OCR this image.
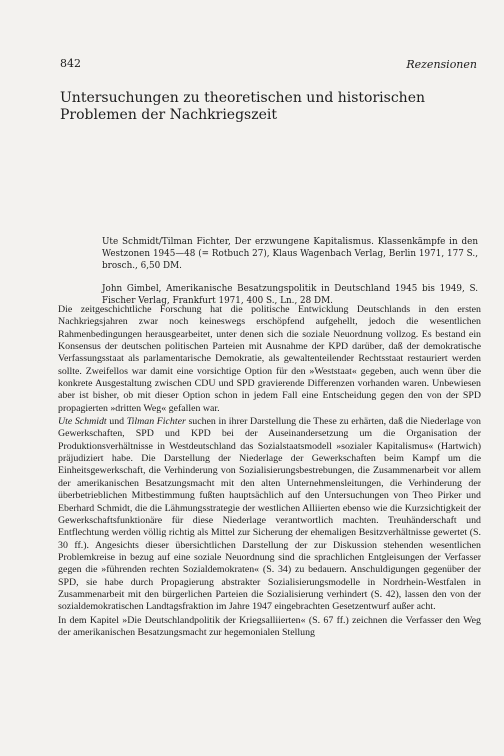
842	Rezensionen
Untersuchungen zu theoretischen und historischen Problemen der Nachkriegszeit
Ute Schmidt/Tilman Fichter, Der erzwungene Kapitalismus. Klassenkämpfe in den Westzonen 1945—48 (= Rotbuch 27), Klaus Wagenbach Verlag, Berlin 1971, 177 S., brosch., 6,50 DM.
John Gimbel, Amerikanische Besatzungspolitik in Deutschland 1945 bis 1949, S. Fischer Verlag, Frankfurt 1971, 400 S., Ln., 28 DM.

Die zeitgeschichtliche Forschung hat die politische Entwicklung Deutschlands in den ersten Nachkriegsjahren zwar noch keineswegs erschöpfend aufgehellt, jedoch die wesentlichen Rahmenbedingungen herausgearbeitet, unter denen sich die soziale Neuordnung vollzog. Es bestand ein Konsensus der deutschen politischen Parteien mit Ausnahme der KPD darüber, daß der demokratische Verfassungsstaat als parlamentarische Demokratie, als gewaltenteilender Rechtsstaat restauriert werden sollte. Zweifellos war damit eine vorsichtige Option für den »Weststaat« gegeben, auch wenn über die konkrete Ausgestaltung zwischen CDU und SPD gravierende Differenzen vorhanden waren. Unbewiesen aber ist bisher, ob mit dieser Option schon in jedem Fall eine Entscheidung gegen den von der SPD propagierten »dritten Weg« gefallen war.

Ute Schmidt und Tilman Fichter suchen in ihrer Darstellung die These zu erhärten, daß die Niederlage von Gewerkschaften, SPD und KPD bei der Auseinandersetzung um die Organisation der Produktionsverhältnisse in Westdeutschland das Sozialstaatsmodell »sozialer Kapitalismus« (Hartwich) präjudiziert habe. Die Darstellung der Niederlage der Gewerkschaften beim Kampf um die Einheitsgewerkschaft, die Verhinderung von Sozialisierungsbestrebungen, die Zusammenarbeit vor allem der amerikanischen Besatzungsmacht mit den alten Unternehmensleitungen, die Verhinderung der überbetrieblichen Mitbestimmung fußten hauptsächlich auf den Untersuchungen von Theo Pirker und Eberhard Schmidt, die die Lähmungsstrategie der westlichen Alliierten ebenso wie die Kurzsichtigkeit der Gewerkschaftsfunktionäre für diese Niederlage verantwortlich machten. Treuhänderschaft und Entflechtung werden völlig richtig als Mittel zur Sicherung der ehemaligen Besitzverhältnisse gewertet (S. 30 ff.). Angesichts dieser übersichtlichen Darstellung der zur Diskussion stehenden wesentlichen Problemkreise in bezug auf eine soziale Neuordnung sind die sprachlichen Entgleisungen der Verfasser gegen die »führenden rechten Sozialdemokraten« (S. 34) zu bedauern. Anschuldigungen gegenüber der SPD, sie habe durch Propagierung abstrakter Sozialisierungsmodelle in Nordrhein-Westfalen in Zusammenarbeit mit den bürgerlichen Parteien die Sozialisierung verhindert (S. 42), lassen den von der sozialdemokratischen Landtagsfraktion im Jahre 1947 eingebrachten Gesetzentwurf außer acht.

In dem Kapitel »Die Deutschlandpolitik der Kriegsalliierten« (S. 67 ff.) zeichnen die Verfasser den Weg der amerikanischen Besatzungsmacht zur hegemonialen Stellung
